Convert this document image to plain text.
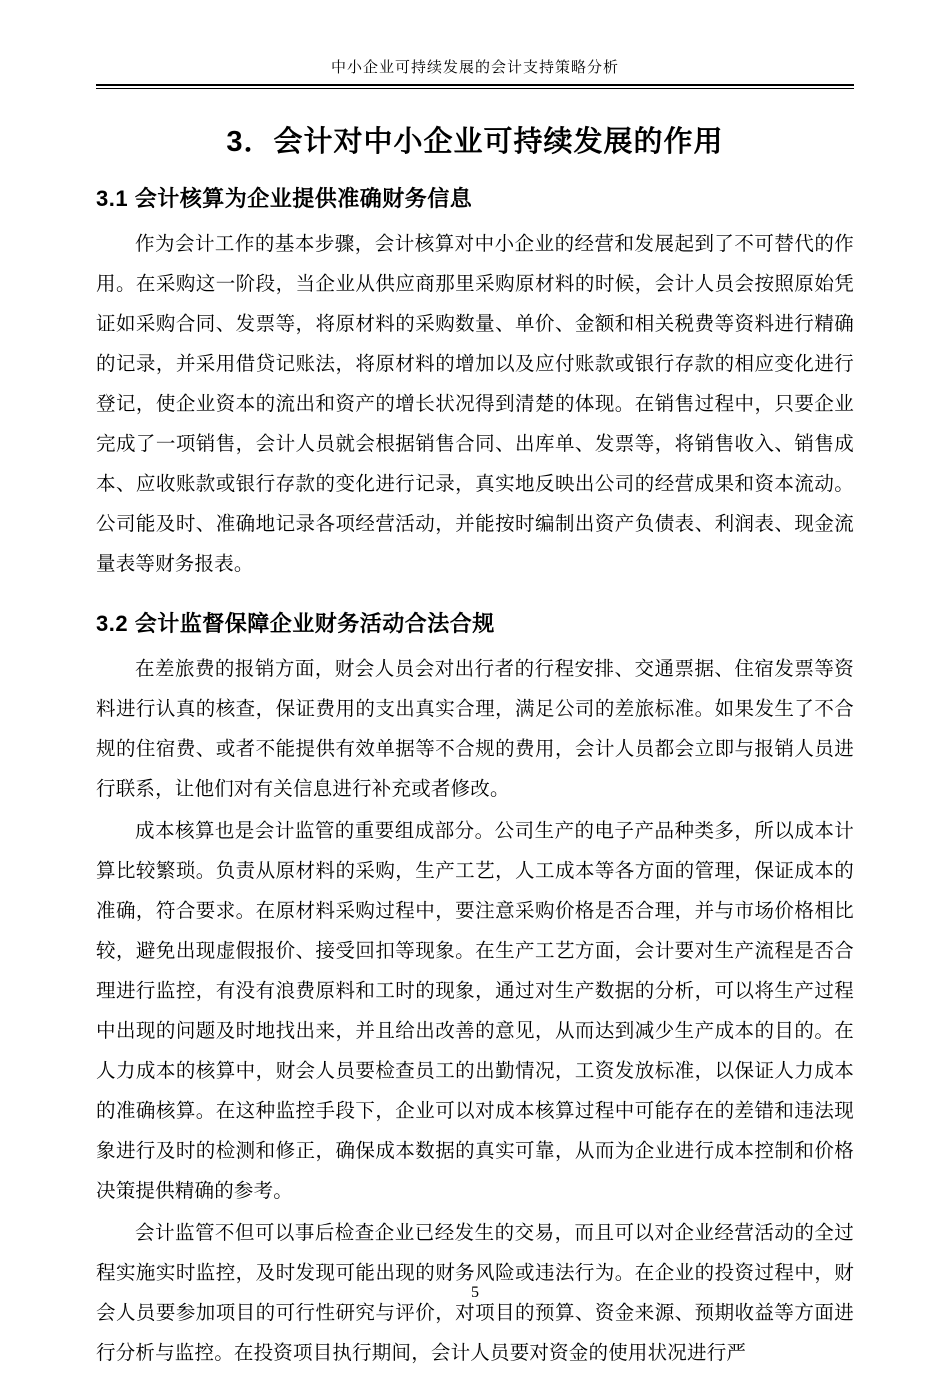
中小企业可持续发展的会计支持策略分析
3．会计对中小企业可持续发展的作用
3.1 会计核算为企业提供准确财务信息

作为会计工作的基本步骤，会计核算对中小企业的经营和发展起到了不可替代的作用。在采购这一阶段，当企业从供应商那里采购原材料的时候，会计人员会按照原始凭证如采购合同、发票等，将原材料的采购数量、单价、金额和相关税费等资料进行精确的记录，并采用借贷记账法，将原材料的增加以及应付账款或银行存款的相应变化进行登记，使企业资本的流出和资产的增长状况得到清楚的体现。在销售过程中，只要企业完成了一项销售，会计人员就会根据销售合同、出库单、发票等，将销售收入、销售成本、应收账款或银行存款的变化进行记录，真实地反映出公司的经营成果和资本流动。公司能及时、准确地记录各项经营活动，并能按时编制出资产负债表、利润表、现金流量表等财务报表。

3.2 会计监督保障企业财务活动合法合规

在差旅费的报销方面，财会人员会对出行者的行程安排、交通票据、住宿发票等资料进行认真的核查，保证费用的支出真实合理，满足公司的差旅标准。如果发生了不合规的住宿费、或者不能提供有效单据等不合规的费用，会计人员都会立即与报销人员进行联系，让他们对有关信息进行补充或者修改。

成本核算也是会计监管的重要组成部分。公司生产的电子产品种类多，所以成本计算比较繁琐。负责从原材料的采购，生产工艺，人工成本等各方面的管理，保证成本的准确，符合要求。在原材料采购过程中，要注意采购价格是否合理，并与市场价格相比较，避免出现虚假报价、接受回扣等现象。在生产工艺方面，会计要对生产流程是否合理进行监控，有没有浪费原料和工时的现象，通过对生产数据的分析，可以将生产过程中出现的问题及时地找出来，并且给出改善的意见，从而达到减少生产成本的目的。在人力成本的核算中，财会人员要检查员工的出勤情况，工资发放标准，以保证人力成本的准确核算。在这种监控手段下，企业可以对成本核算过程中可能存在的差错和违法现象进行及时的检测和修正，确保成本数据的真实可靠，从而为企业进行成本控制和价格决策提供精确的参考。

会计监管不但可以事后检查企业已经发生的交易，而且可以对企业经营活动的全过程实施实时监控，及时发现可能出现的财务风险或违法行为。在企业的投资过程中，财会人员要参加项目的可行性研究与评价，对项目的预算、资金来源、预期收益等方面进行分析与监控。在投资项目执行期间，会计人员要对资金的使用状况进行严

5
